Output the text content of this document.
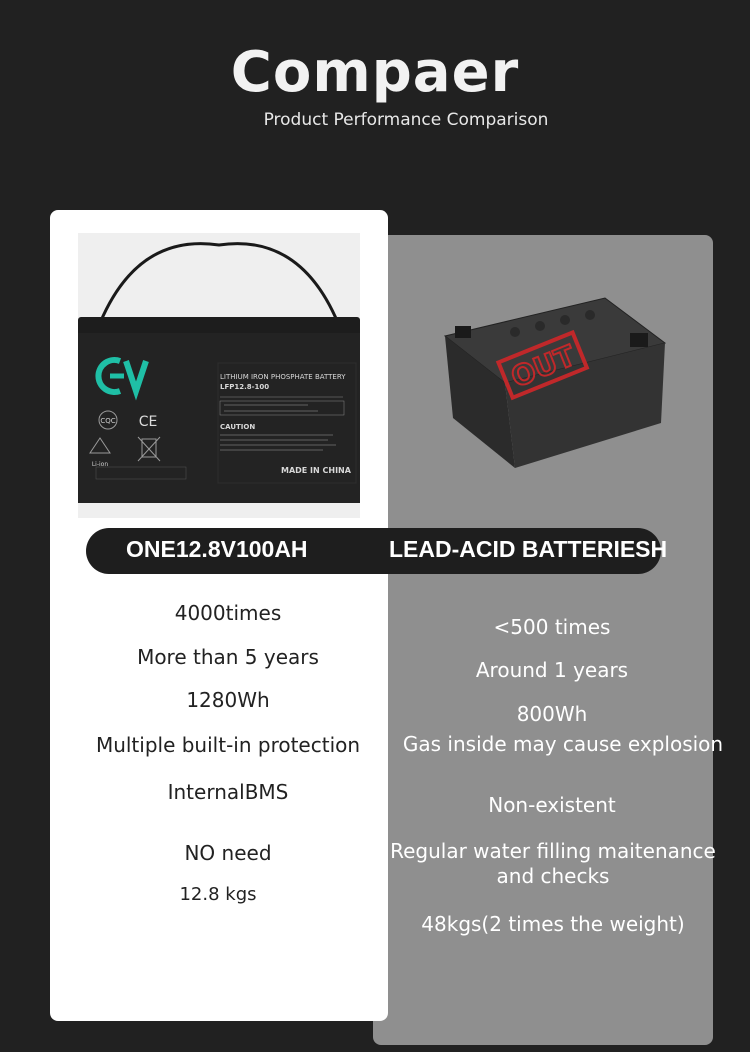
Compaer
Product Performance Comparison
CQC CE
Li-ion
LITHIUM IRON PHOSPHATE BATTERY
LFP12.8-100
CAUTION
MADE IN CHINA
OUT
ONE12.8V100AH	LEAD-ACID BATTERIESH
4000times
More than 5 years
1280Wh
Multiple built-in protection
InternalBMS
NO need
12.8 kgs
<500 times
Around 1 years
800Wh
Gas inside may cause explosion
Non-existent
Regular water filling maitenance and checks
48kgs(2 times the weight)
